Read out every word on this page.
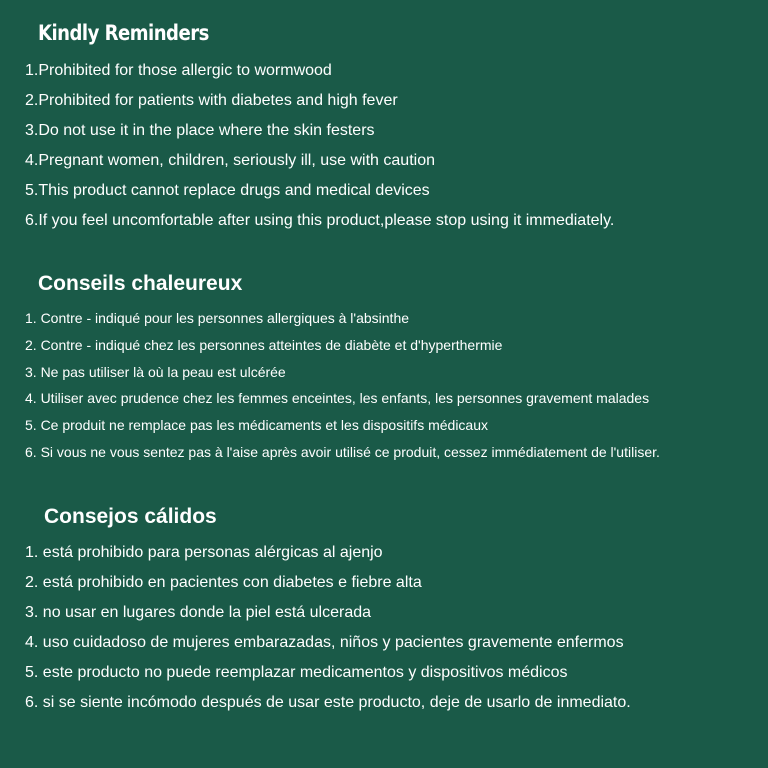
Kindly Reminders
1.Prohibited for those allergic to wormwood
2.Prohibited for patients with diabetes and high fever
3.Do not use it in the place where the skin festers
4.Pregnant women, children, seriously ill, use with caution
5.This product cannot replace drugs and medical devices
6.If you feel uncomfortable after using this product,please stop using it immediately.
Conseils chaleureux
1. Contre - indiqué pour les personnes allergiques à l'absinthe
2. Contre - indiqué chez les personnes atteintes de diabète et d'hyperthermie
3. Ne pas utiliser là où la peau est ulcérée
4. Utiliser avec prudence chez les femmes enceintes, les enfants, les personnes gravement malades
5. Ce produit ne remplace pas les médicaments et les dispositifs médicaux
6. Si vous ne vous sentez pas à l'aise après avoir utilisé ce produit, cessez immédiatement de l'utiliser.
Consejos cálidos
1. está prohibido para personas alérgicas al ajenjo
2. está prohibido en pacientes con diabetes e fiebre alta
3. no usar en lugares donde la piel está ulcerada
4. uso cuidadoso de mujeres embarazadas, niños y pacientes gravemente enfermos
5. este producto no puede reemplazar medicamentos y dispositivos médicos
6. si se siente incómodo después de usar este producto, deje de usarlo de inmediato.
